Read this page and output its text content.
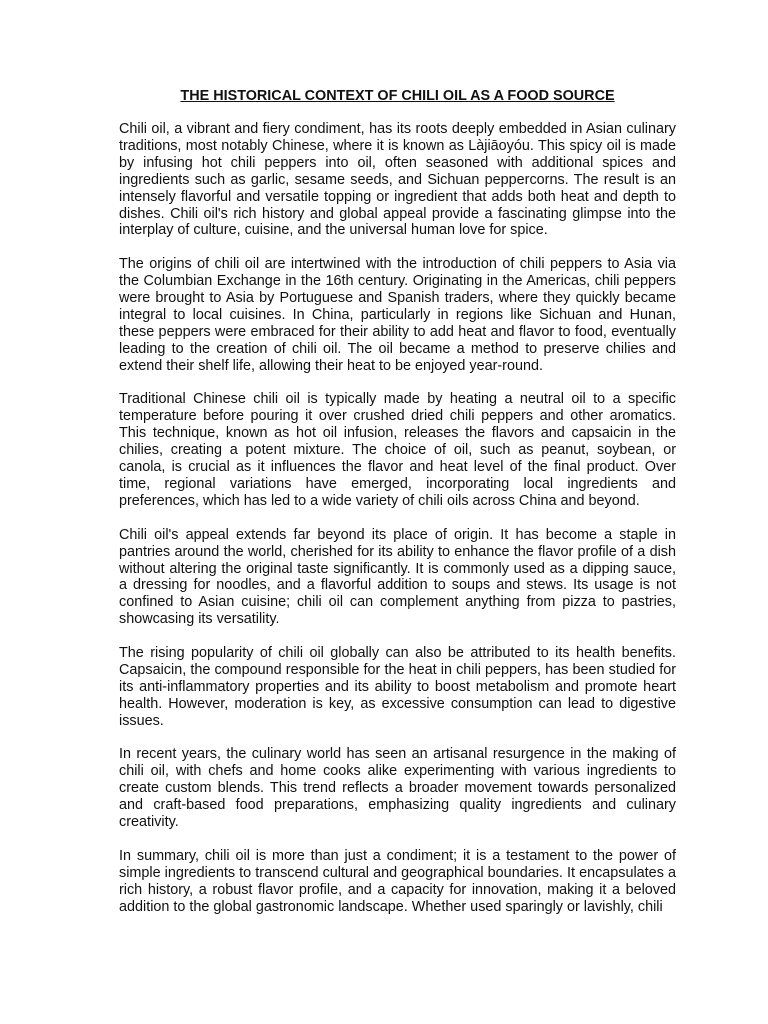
THE HISTORICAL CONTEXT OF CHILI OIL AS A FOOD SOURCE

Chili oil, a vibrant and fiery condiment, has its roots deeply embedded in Asian culinary traditions, most notably Chinese, where it is known as Làjiāoyóu. This spicy oil is made by infusing hot chili peppers into oil, often seasoned with additional spices and ingredients such as garlic, sesame seeds, and Sichuan peppercorns. The result is an intensely flavorful and versatile topping or ingredient that adds both heat and depth to dishes. Chili oil's rich history and global appeal provide a fascinating glimpse into the interplay of culture, cuisine, and the universal human love for spice.

The origins of chili oil are intertwined with the introduction of chili peppers to Asia via the Columbian Exchange in the 16th century. Originating in the Americas, chili peppers were brought to Asia by Portuguese and Spanish traders, where they quickly became integral to local cuisines. In China, particularly in regions like Sichuan and Hunan, these peppers were embraced for their ability to add heat and flavor to food, eventually leading to the creation of chili oil. The oil became a method to preserve chilies and extend their shelf life, allowing their heat to be enjoyed year-round.

Traditional Chinese chili oil is typically made by heating a neutral oil to a specific temperature before pouring it over crushed dried chili peppers and other aromatics. This technique, known as hot oil infusion, releases the flavors and capsaicin in the chilies, creating a potent mixture. The choice of oil, such as peanut, soybean, or canola, is crucial as it influences the flavor and heat level of the final product. Over time, regional variations have emerged, incorporating local ingredients and preferences, which has led to a wide variety of chili oils across China and beyond.

Chili oil's appeal extends far beyond its place of origin. It has become a staple in pantries around the world, cherished for its ability to enhance the flavor profile of a dish without altering the original taste significantly. It is commonly used as a dipping sauce, a dressing for noodles, and a flavorful addition to soups and stews. Its usage is not confined to Asian cuisine; chili oil can complement anything from pizza to pastries, showcasing its versatility.

The rising popularity of chili oil globally can also be attributed to its health benefits. Capsaicin, the compound responsible for the heat in chili peppers, has been studied for its anti-inflammatory properties and its ability to boost metabolism and promote heart health. However, moderation is key, as excessive consumption can lead to digestive issues.

In recent years, the culinary world has seen an artisanal resurgence in the making of chili oil, with chefs and home cooks alike experimenting with various ingredients to create custom blends. This trend reflects a broader movement towards personalized and craft-based food preparations, emphasizing quality ingredients and culinary creativity.

In summary, chili oil is more than just a condiment; it is a testament to the power of simple ingredients to transcend cultural and geographical boundaries. It encapsulates a rich history, a robust flavor profile, and a capacity for innovation, making it a beloved addition to the global gastronomic landscape. Whether used sparingly or lavishly, chili
